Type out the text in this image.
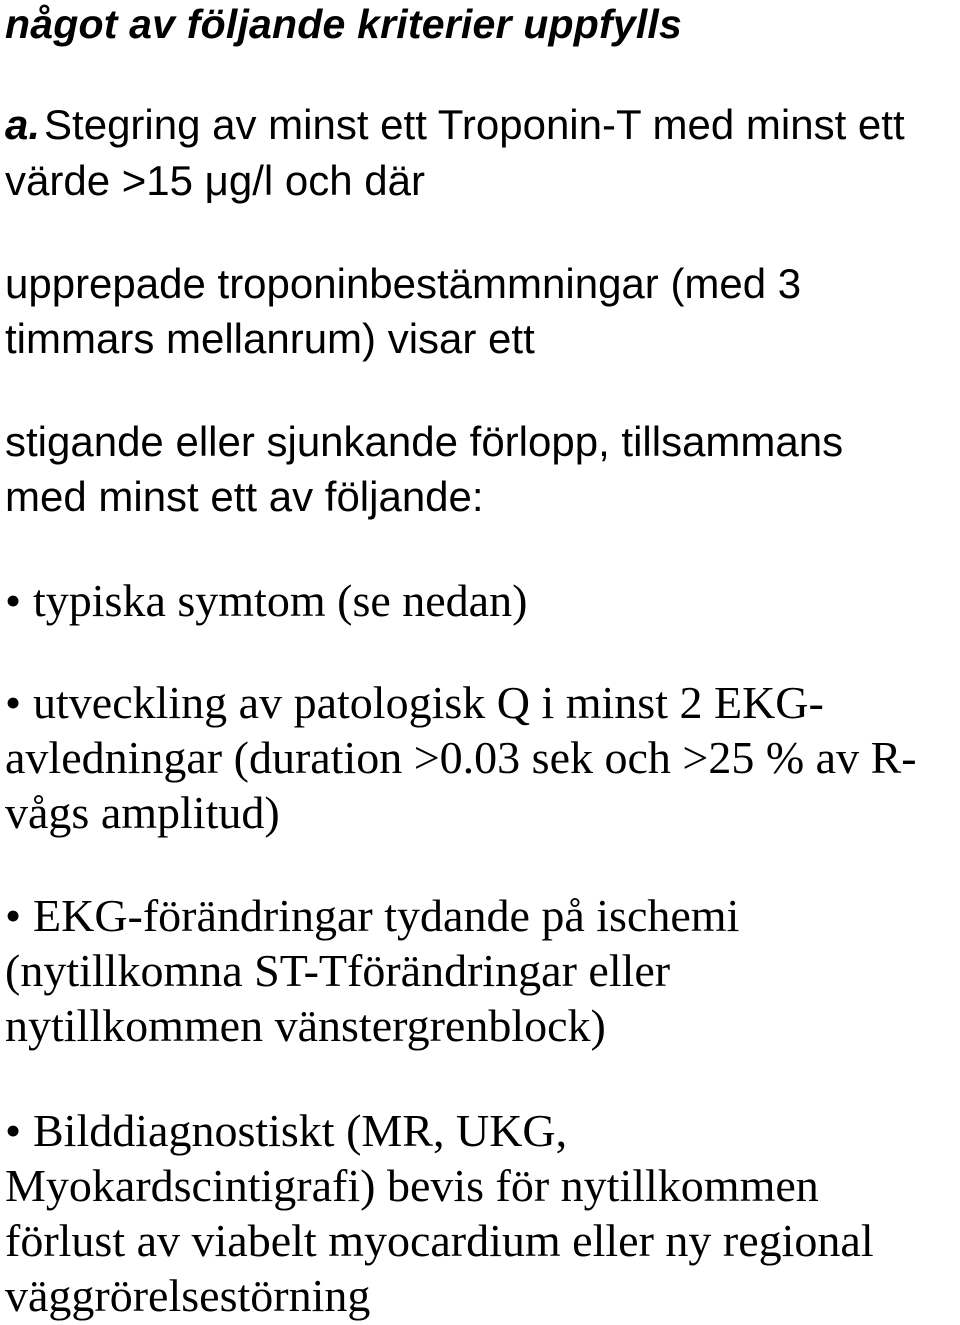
något av följande kriterier uppfylls
a. Stegring av minst ett Troponin-T med minst ett
värde >15 μg/l och där
upprepade troponinbestämmningar (med 3
timmars mellanrum) visar ett
stigande eller sjunkande förlopp, tillsammans
med minst ett av följande:
• typiska symtom (se nedan)
• utveckling av patologisk Q i minst 2 EKG-
avledningar (duration >0.03 sek och >25 % av R-
vågs amplitud)
• EKG-förändringar tydande på ischemi
(nytillkomna ST-Tförändringar eller
nytillkommen vänstergrenblock)
• Bilddiagnostiskt (MR, UKG,
Myokardscintigrafi) bevis för nytillkommen
förlust av viabelt myocardium eller ny regional
väggrörelsestörning
